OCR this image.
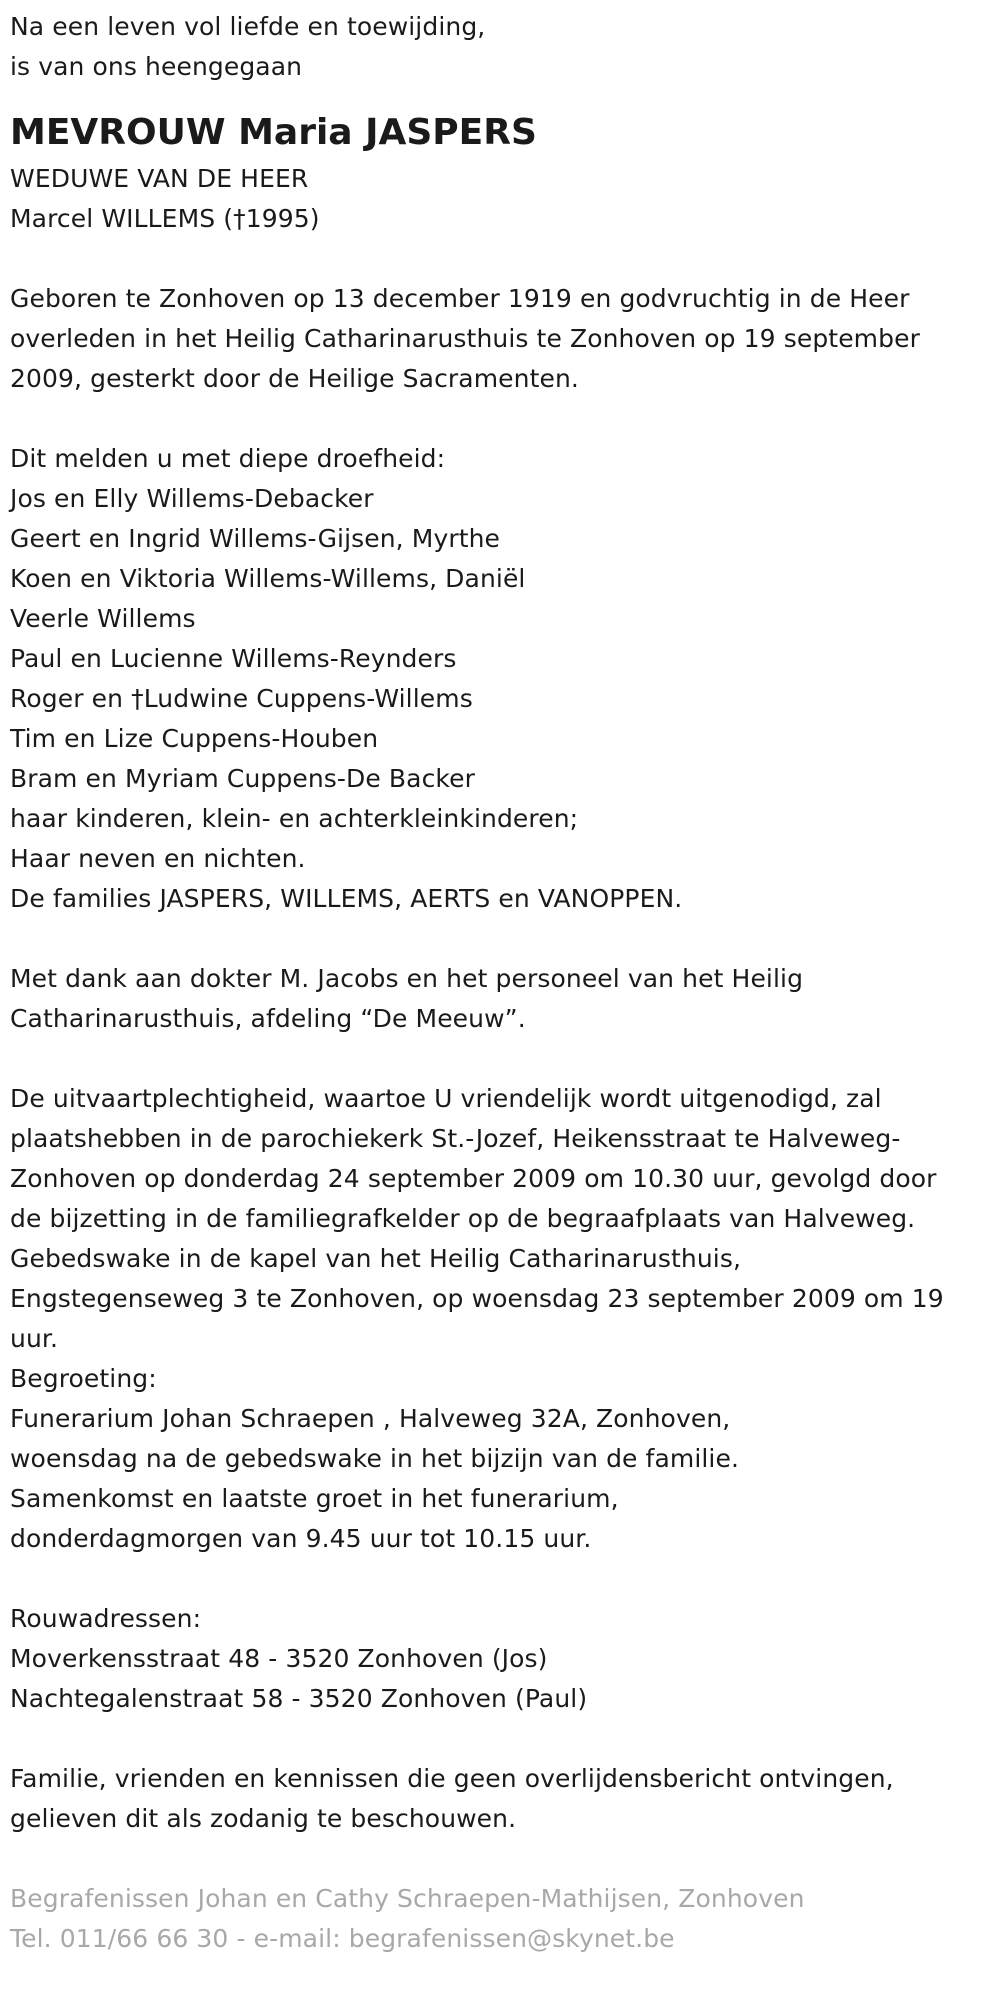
Na een leven vol liefde en toewijding,
is van ons heengegaan
MEVROUW Maria JASPERS
WEDUWE VAN DE HEER
Marcel WILLEMS (†1995)
Geboren te Zonhoven op 13 december 1919 en godvruchtig in de Heer
overleden in het Heilig Catharinarusthuis te Zonhoven op 19 september
2009, gesterkt door de Heilige Sacramenten.
Dit melden u met diepe droefheid:
Jos en Elly Willems-Debacker
Geert en Ingrid Willems-Gijsen, Myrthe
Koen en Viktoria Willems-Willems, Daniël
Veerle Willems
Paul en Lucienne Willems-Reynders
Roger en †Ludwine Cuppens-Willems
Tim en Lize Cuppens-Houben
Bram en Myriam Cuppens-De Backer
haar kinderen, klein- en achterkleinkinderen;
Haar neven en nichten.
De families JASPERS, WILLEMS, AERTS en VANOPPEN.
Met dank aan dokter M. Jacobs en het personeel van het Heilig
Catharinarusthuis, afdeling “De Meeuw”.
De uitvaartplechtigheid, waartoe U vriendelijk wordt uitgenodigd, zal
plaatshebben in de parochiekerk St.-Jozef, Heikensstraat te Halveweg-
Zonhoven op donderdag 24 september 2009 om 10.30 uur, gevolgd door
de bijzetting in de familiegrafkelder op de begraafplaats van Halveweg.
Gebedswake in de kapel van het Heilig Catharinarusthuis,
Engstegenseweg 3 te Zonhoven, op woensdag 23 september 2009 om 19
uur.
Begroeting:
Funerarium Johan Schraepen , Halveweg 32A, Zonhoven,
woensdag na de gebedswake in het bijzijn van de familie.
Samenkomst en laatste groet in het funerarium,
donderdagmorgen van 9.45 uur tot 10.15 uur.
Rouwadressen:
Moverkensstraat 48 - 3520 Zonhoven (Jos)
Nachtegalenstraat 58 - 3520 Zonhoven (Paul)
Familie, vrienden en kennissen die geen overlijdensbericht ontvingen,
gelieven dit als zodanig te beschouwen.
Begrafenissen Johan en Cathy Schraepen-Mathijsen, Zonhoven
Tel. 011/66 66 30 - e-mail: begrafenissen@skynet.be
